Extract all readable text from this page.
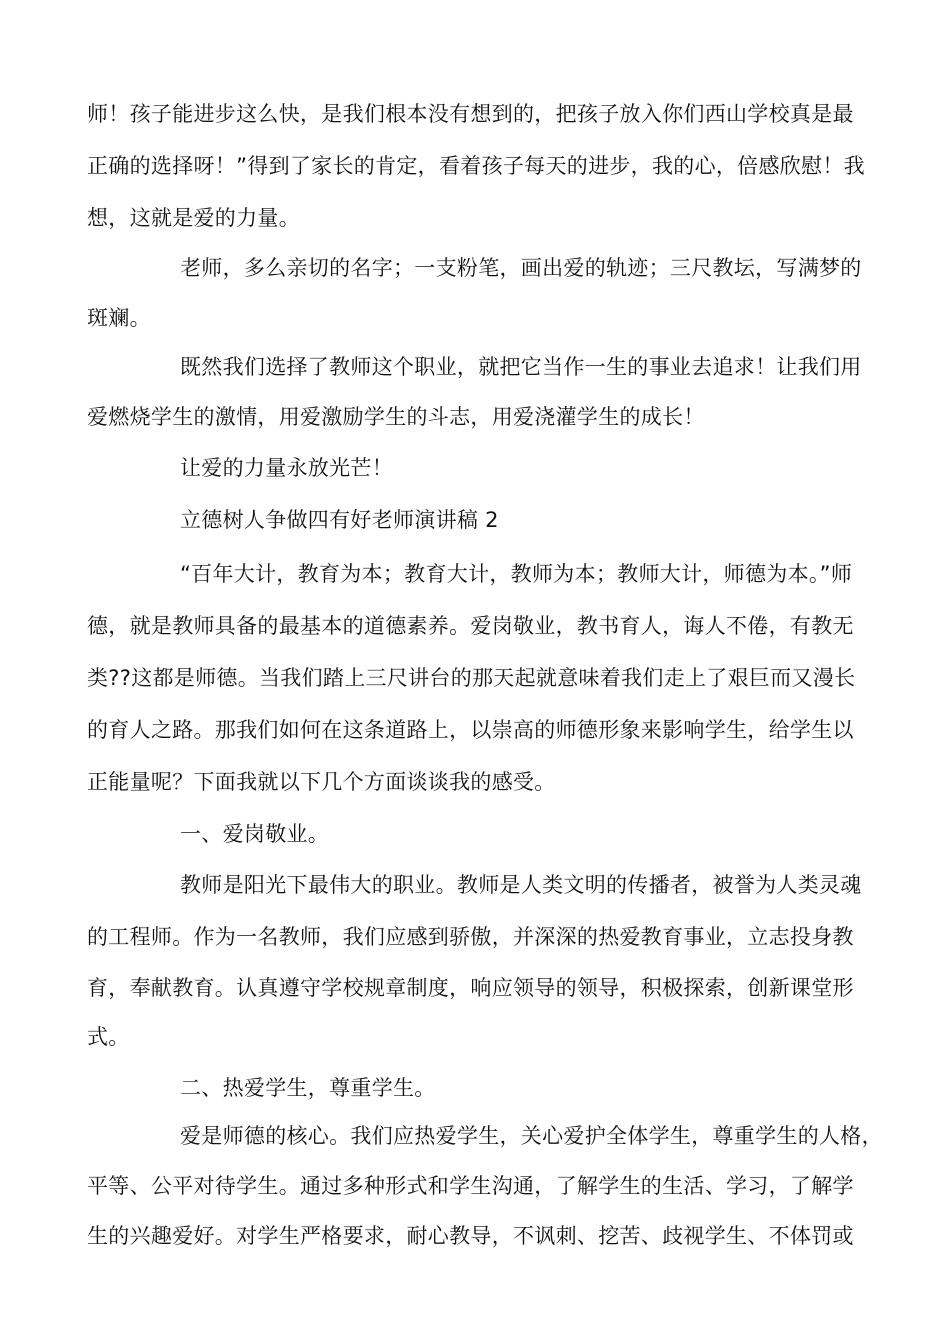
师！孩子能进步这么快，是我们根本没有想到的，把孩子放入你们西山学校真是最
正确的选择呀！”得到了家长的肯定，看着孩子每天的进步，我的心，倍感欣慰！我
想，这就是爱的力量。
老师，多么亲切的名字；一支粉笔，画出爱的轨迹；三尺教坛，写满梦的
斑斓。
既然我们选择了教师这个职业，就把它当作一生的事业去追求！让我们用
爱燃烧学生的激情，用爱激励学生的斗志，用爱浇灌学生的成长！
让爱的力量永放光芒！
立德树人争做四有好老师演讲稿 2
“百年大计，教育为本；教育大计，教师为本；教师大计，师德为本。”师
德，就是教师具备的最基本的道德素养。爱岗敬业，教书育人，诲人不倦，有教无
类??这都是师德。当我们踏上三尺讲台的那天起就意味着我们走上了艰巨而又漫长
的育人之路。那我们如何在这条道路上，以崇高的师德形象来影响学生，给学生以
正能量呢？下面我就以下几个方面谈谈我的感受。
一、爱岗敬业。
教师是阳光下最伟大的职业。教师是人类文明的传播者，被誉为人类灵魂
的工程师。作为一名教师，我们应感到骄傲，并深深的热爱教育事业，立志投身教
育，奉献教育。认真遵守学校规章制度，响应领导的领导，积极探索，创新课堂形
式。
二、热爱学生，尊重学生。
爱是师德的核心。我们应热爱学生，关心爱护全体学生，尊重学生的人格，
平等、公平对待学生。通过多种形式和学生沟通，了解学生的生活、学习，了解学
生的兴趣爱好。对学生严格要求，耐心教导，不讽刺、挖苦、歧视学生、不体罚或
